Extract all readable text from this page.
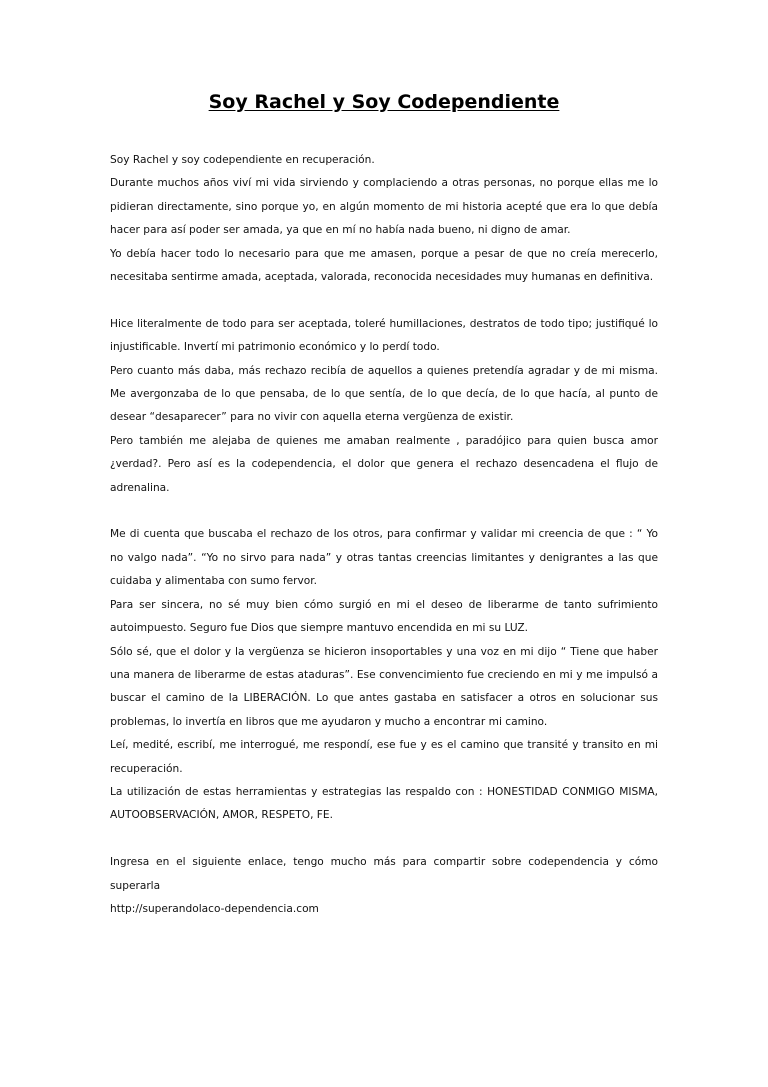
Soy Rachel y Soy Codependiente

Soy Rachel y soy codependiente en recuperación.

Durante muchos años viví mi vida sirviendo y complaciendo a otras personas, no porque ellas me lo pidieran directamente, sino porque yo, en algún momento de mi historia acepté que era lo que debía hacer para así poder ser amada, ya que en mí no había nada bueno, ni digno de amar.

Yo debía hacer todo lo necesario para que me amasen, porque a pesar de que no creía merecerlo, necesitaba sentirme amada, aceptada, valorada, reconocida necesidades muy humanas en definitiva.

Hice literalmente de todo para ser aceptada, toleré humillaciones, destratos de todo tipo; justifiqué lo injustificable. Invertí mi patrimonio económico y lo perdí todo.

Pero cuanto más daba, más rechazo recibía de aquellos a quienes pretendía agradar y de mi misma. Me avergonzaba de lo que pensaba, de lo que sentía, de lo que decía, de lo que hacía, al punto de desear “desaparecer” para no vivir con aquella eterna vergüenza de existir.

Pero también me alejaba de quienes me amaban realmente , paradójico para quien busca amor ¿verdad?. Pero así es la codependencia, el dolor que genera el rechazo desencadena el flujo de adrenalina.

Me di cuenta que buscaba el rechazo de los otros, para confirmar y validar mi creencia de que : “ Yo no valgo nada”. “Yo no sirvo para nada” y otras tantas creencias limitantes y denigrantes a las que cuidaba y alimentaba con sumo fervor.

Para ser sincera, no sé muy bien cómo surgió en mi el deseo de liberarme de tanto sufrimiento autoimpuesto. Seguro fue Dios que siempre mantuvo encendida en mi su LUZ.

Sólo sé, que el dolor y la vergüenza se hicieron insoportables y una voz en mi dijo “ Tiene que haber una manera de liberarme de estas ataduras”. Ese convencimiento fue creciendo en mi y me impulsó a buscar el camino de la LIBERACIÓN. Lo que antes gastaba en satisfacer a otros en solucionar sus problemas, lo invertía en libros que me ayudaron y mucho a encontrar mi camino.

Leí, medité, escribí, me interrogué, me respondí, ese fue y es el camino que transité y transito en mi recuperación.

La utilización de estas herramientas y estrategias las respaldo con : HONESTIDAD CONMIGO MISMA, AUTOOBSERVACIÓN, AMOR, RESPETO, FE.

Ingresa en el siguiente enlace, tengo mucho más para compartir sobre codependencia y cómo superarla

http://superandolaco-dependencia.com
